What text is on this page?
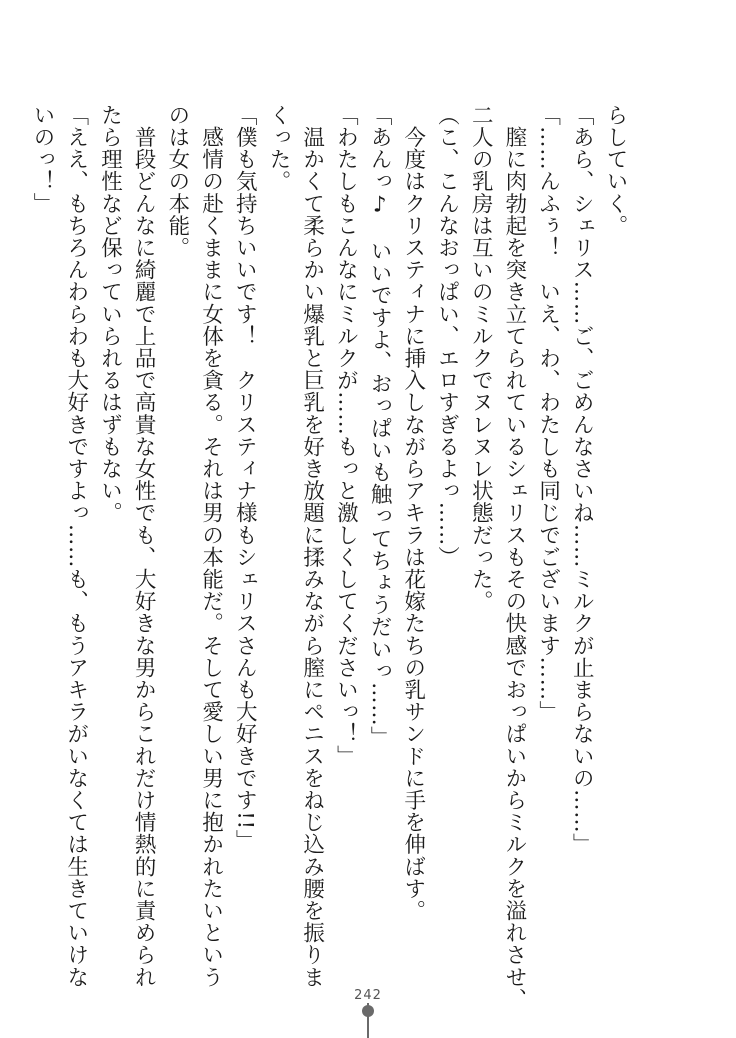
らしていく。
「あら、シェリス……ご、ごめんなさいね……ミルクが止まらないの……」
「……んふぅ！　いえ、わ、わたしも同じでございます……」
　膣に肉勃起を突き立てられているシェリスもその快感でおっぱいからミルクを溢れさせ、
二人の乳房は互いのミルクでヌレヌレ状態だった。
（こ、こんなおっぱい、エロすぎるよっ……）
　今度はクリスティナに挿入しながらアキラは花嫁たちの乳サンドに手を伸ばす。
「あんっ♪　いいですよ、おっぱいも触ってちょうだいっ……」
「わたしもこんなにミルクが……もっと激しくしてくださいっ！」
　温かくて柔らかい爆乳と巨乳を好き放題に揉みながら膣にペニスをねじ込み腰を振りま
くった。
「僕も気持ちいいです！　クリスティナ様もシェリスさんも大好きです!!」
　感情の赴くままに女体を貪る。それは男の本能だ。そして愛しい男に抱かれたいという
のは女の本能。
　普段どんなに綺麗で上品で高貴な女性でも、大好きな男からこれだけ情熱的に責められ
たら理性など保っていられるはずもない。
「ええ、もちろんわらわも大好きですよっ……も、もうアキラがいなくては生きていけな
いのっ！」
242
